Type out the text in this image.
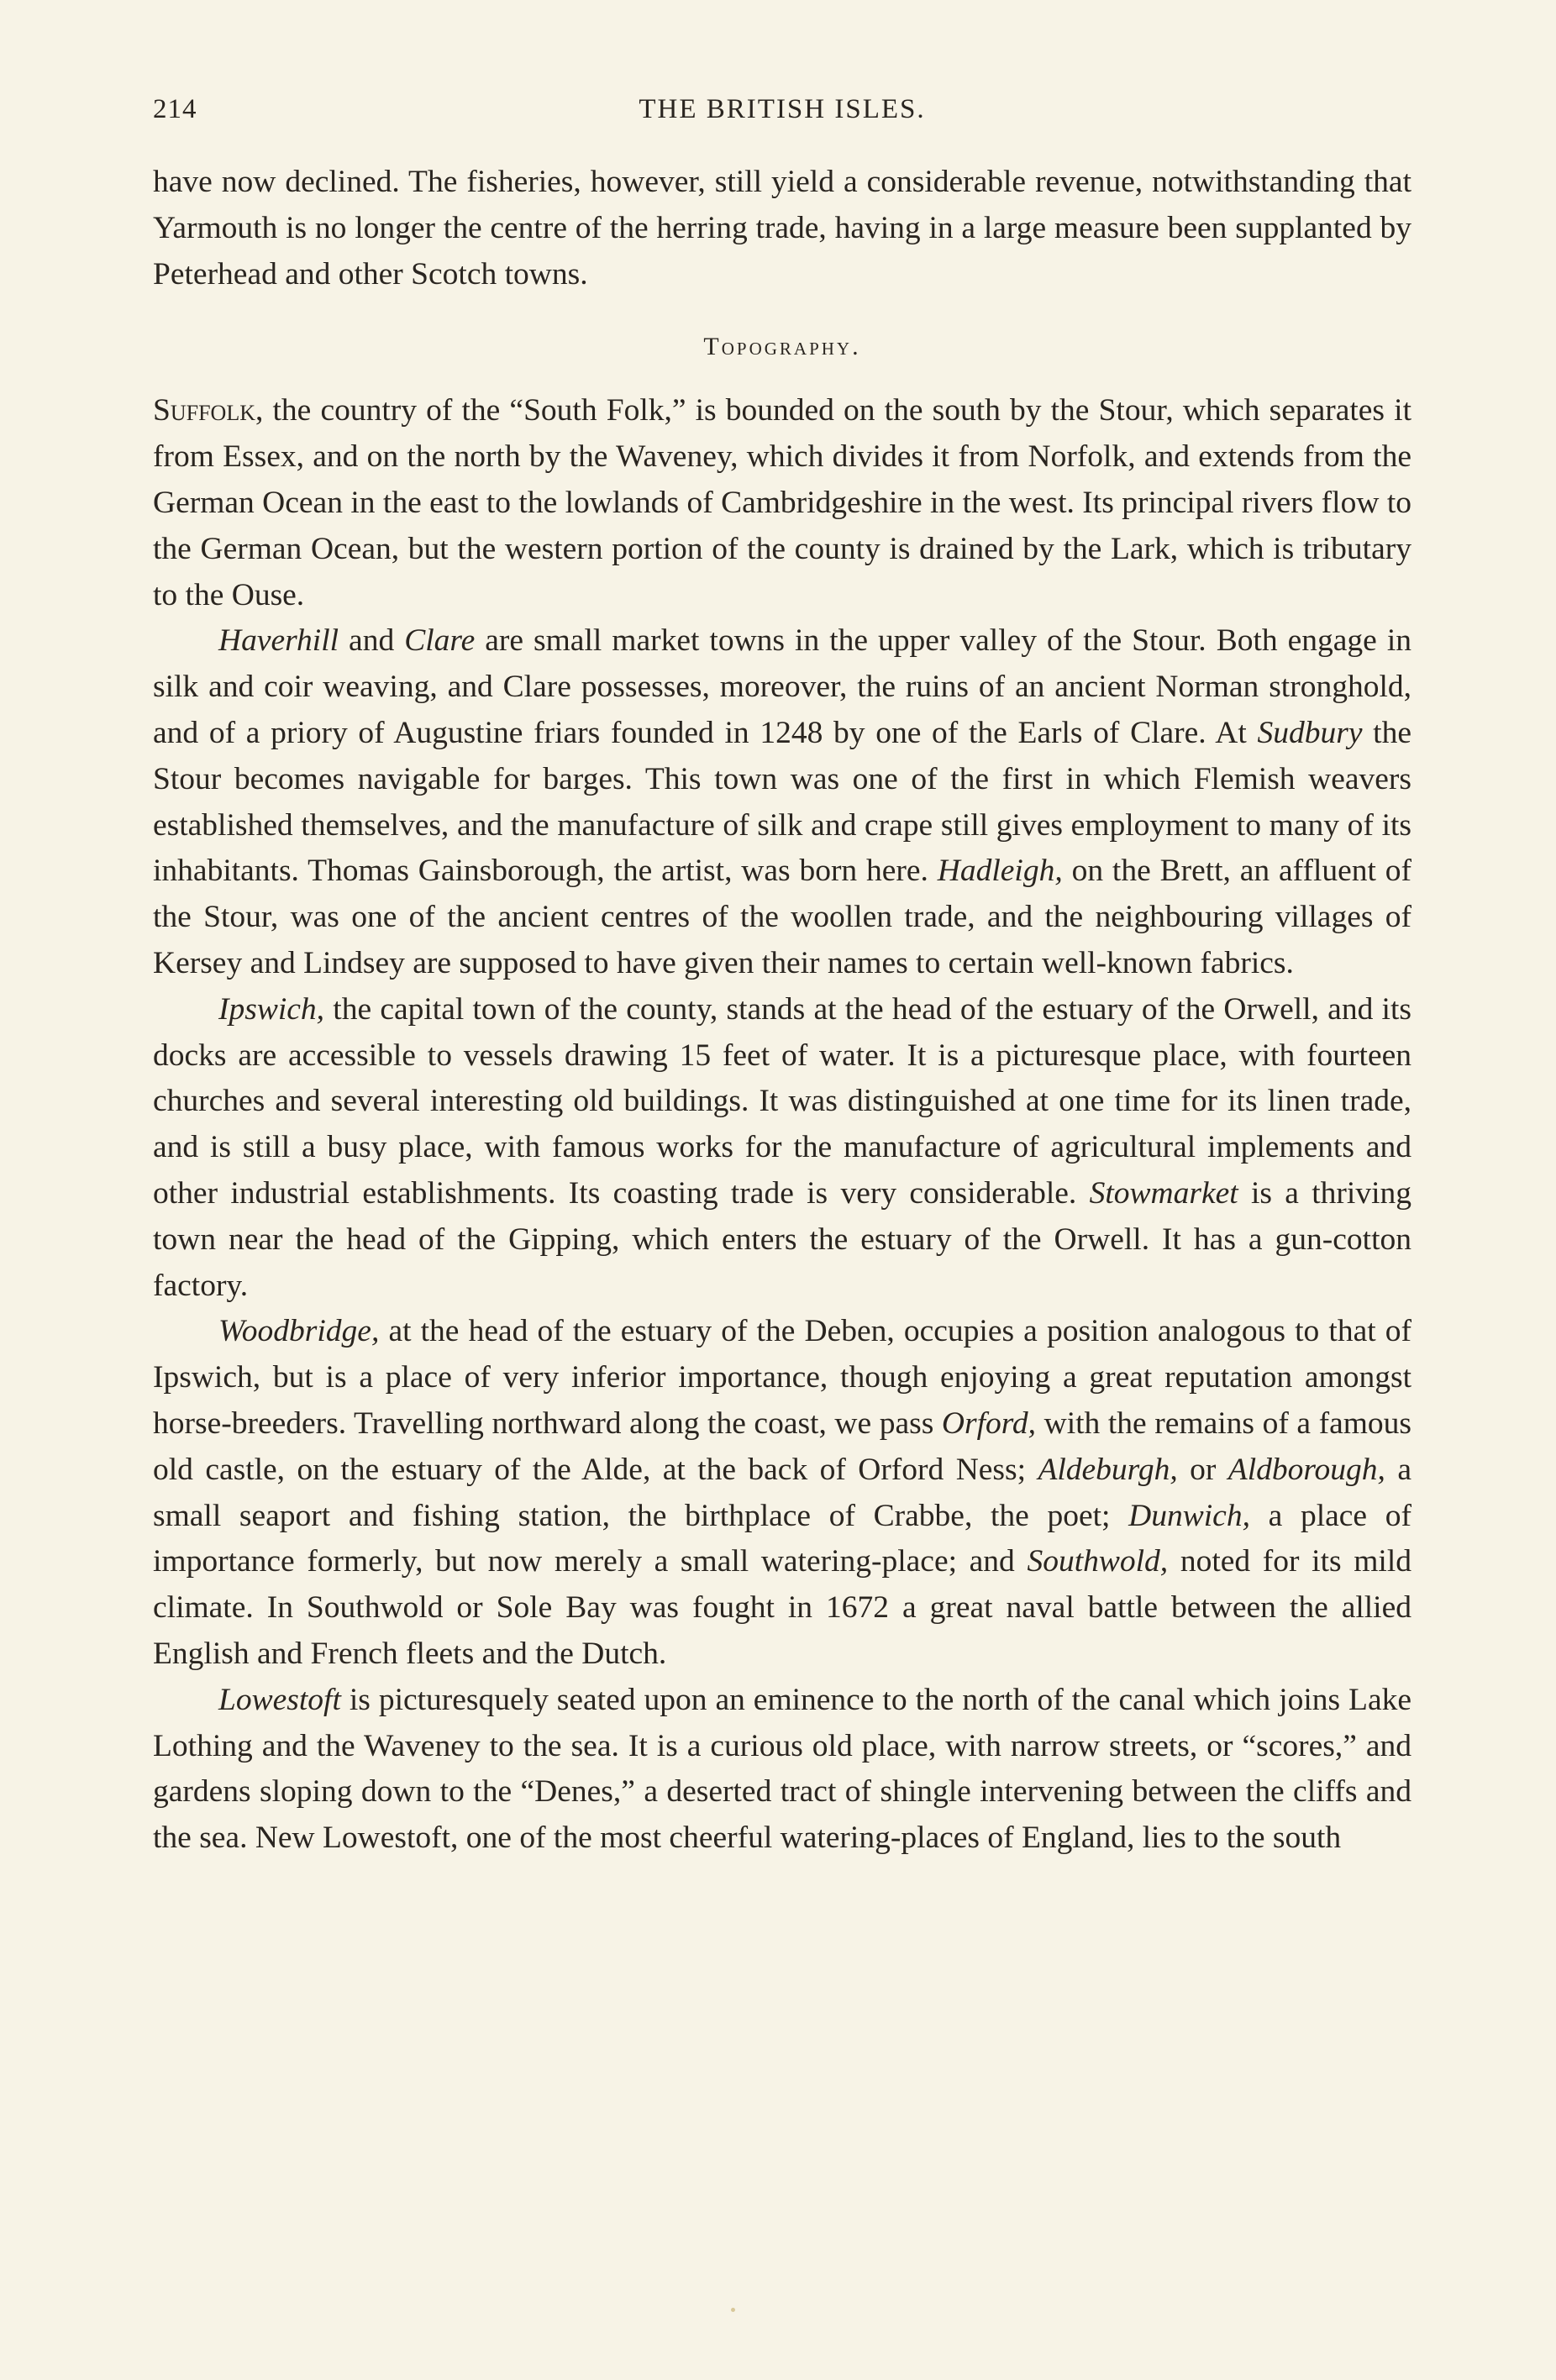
214	THE BRITISH ISLES.

have now declined. The fisheries, however, still yield a considerable revenue, notwithstanding that Yarmouth is no longer the centre of the herring trade, having in a large measure been supplanted by Peterhead and other Scotch towns.

Topography.

Suffolk, the country of the “South Folk,” is bounded on the south by the Stour, which separates it from Essex, and on the north by the Waveney, which divides it from Norfolk, and extends from the German Ocean in the east to the lowlands of Cambridgeshire in the west. Its principal rivers flow to the German Ocean, but the western portion of the county is drained by the Lark, which is tributary to the Ouse.

Haverhill and Clare are small market towns in the upper valley of the Stour. Both engage in silk and coir weaving, and Clare possesses, moreover, the ruins of an ancient Norman stronghold, and of a priory of Augustine friars founded in 1248 by one of the Earls of Clare. At Sudbury the Stour becomes navigable for barges. This town was one of the first in which Flemish weavers established themselves, and the manufacture of silk and crape still gives employment to many of its inhabitants. Thomas Gainsborough, the artist, was born here. Hadleigh, on the Brett, an affluent of the Stour, was one of the ancient centres of the woollen trade, and the neighbouring villages of Kersey and Lindsey are supposed to have given their names to certain well-known fabrics.

Ipswich, the capital town of the county, stands at the head of the estuary of the Orwell, and its docks are accessible to vessels drawing 15 feet of water. It is a picturesque place, with fourteen churches and several interesting old buildings. It was distinguished at one time for its linen trade, and is still a busy place, with famous works for the manufacture of agricultural implements and other industrial establishments. Its coasting trade is very considerable. Stowmarket is a thriving town near the head of the Gipping, which enters the estuary of the Orwell. It has a gun-cotton factory.

Woodbridge, at the head of the estuary of the Deben, occupies a position analogous to that of Ipswich, but is a place of very inferior importance, though enjoying a great reputation amongst horse-breeders. Travelling northward along the coast, we pass Orford, with the remains of a famous old castle, on the estuary of the Alde, at the back of Orford Ness; Aldeburgh, or Aldborough, a small seaport and fishing station, the birthplace of Crabbe, the poet; Dunwich, a place of importance formerly, but now merely a small watering-place; and Southwold, noted for its mild climate. In Southwold or Sole Bay was fought in 1672 a great naval battle between the allied English and French fleets and the Dutch.

Lowestoft is picturesquely seated upon an eminence to the north of the canal which joins Lake Lothing and the Waveney to the sea. It is a curious old place, with narrow streets, or “scores,” and gardens sloping down to the “Denes,” a deserted tract of shingle intervening between the cliffs and the sea. New Lowestoft, one of the most cheerful watering-places of England, lies to the south
